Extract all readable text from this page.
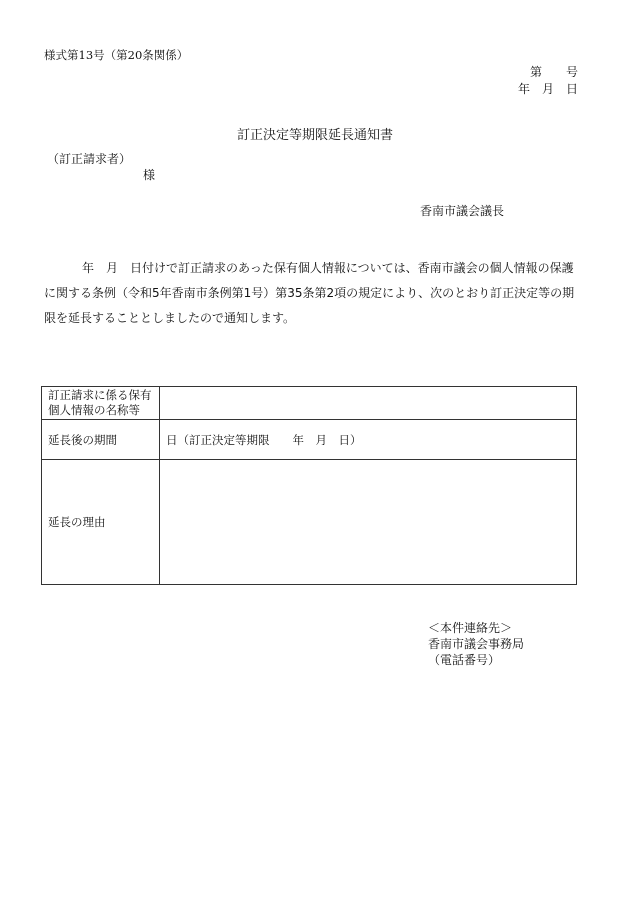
様式第13号（第20条関係）
第　　号
年　月　日
訂正決定等期限延長通知書
（訂正請求者）
様
香南市議会議長
年　月　日付けで訂正請求のあった保有個人情報については、香南市議会の個人情報の保護に関する条例（令和5年香南市条例第1号）第35条第2項の規定により、次のとおり訂正決定等の期限を延長することとしましたので通知します。
訂正請求に係る保有個人情報の名称等	
延長後の期間	日（訂正決定等期限　　年　月　日）
延長の理由	
＜本件連絡先＞
香南市議会事務局
（電話番号）
